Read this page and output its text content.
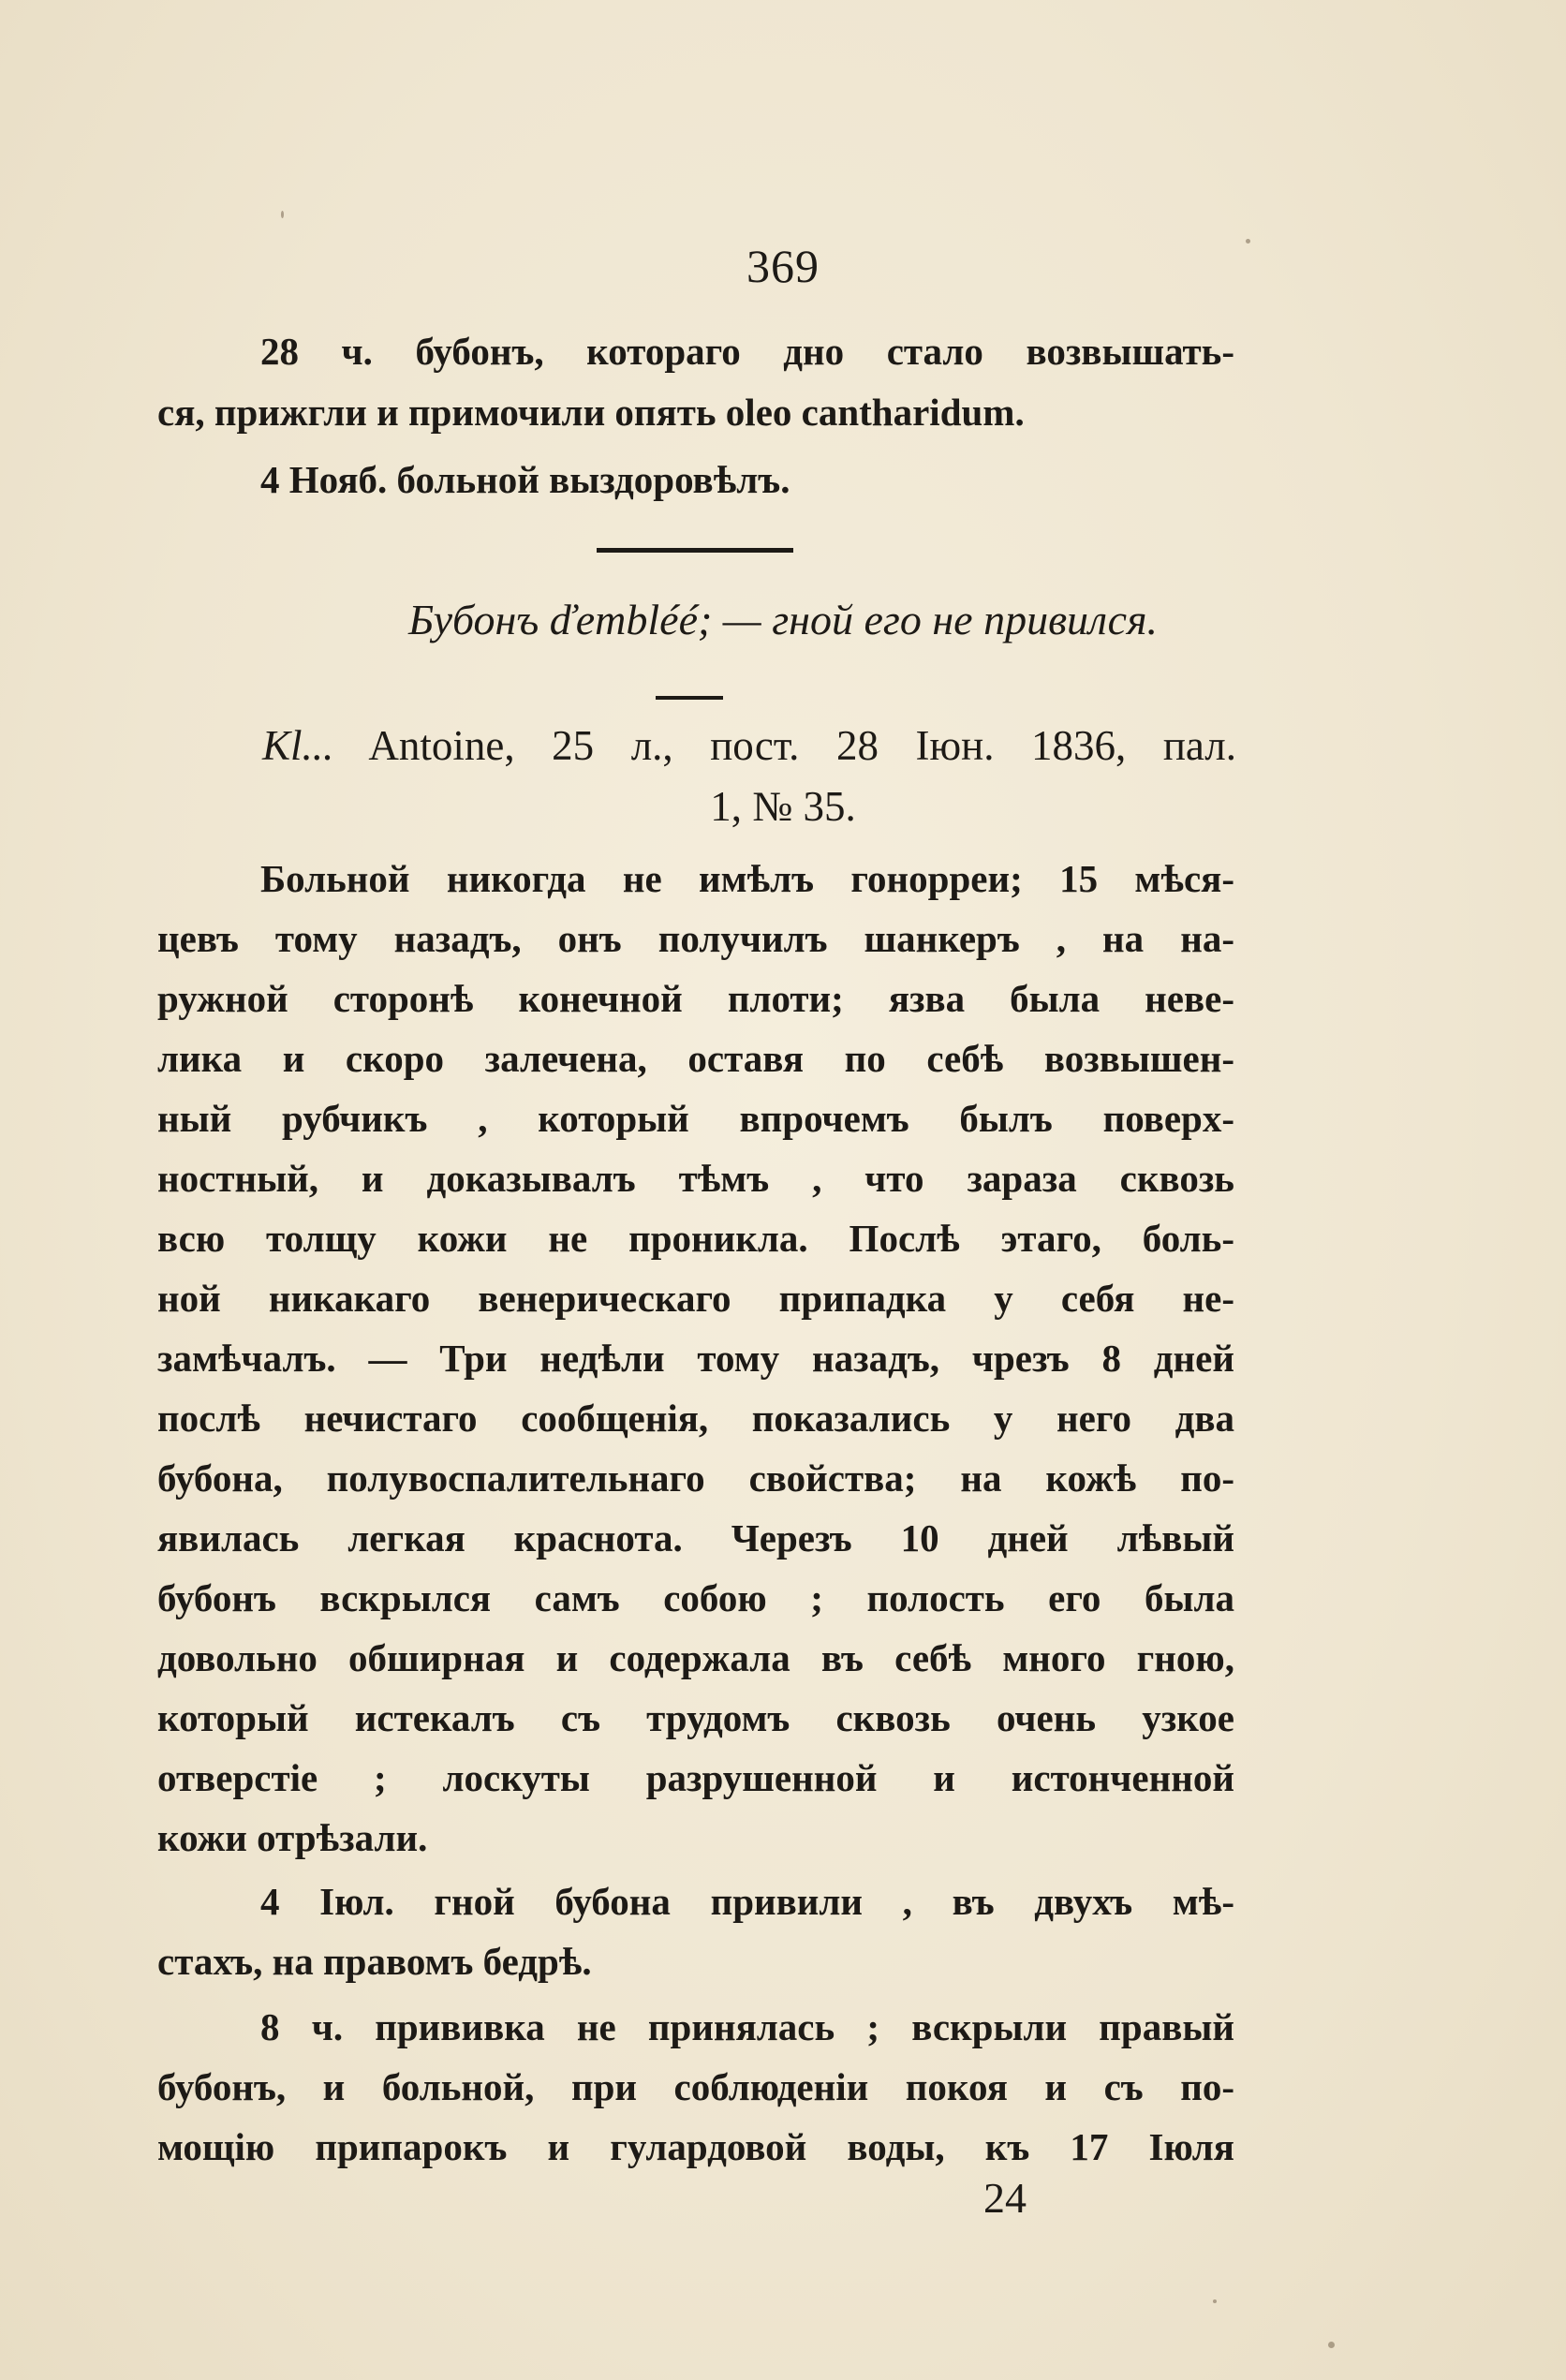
369
28 ч. бубонъ, котораго дно стало возвышать-
ся, прижгли и примочили опять oleo cantharidum.
4 Нояб. больной выздоровѣлъ.
Бубонъ ďembléé; — гной его не привился.
Kl... Antoine, 25 л., пост. 28 Іюн. 1836, пал.
1, № 35.
Больной никогда не имѣлъ гонорреи; 15 мѣся-
цевъ тому назадъ, онъ получилъ шанкеръ , на на-
ружной сторонѣ конечной плоти; язва была неве-
лика и скоро залечена, оставя по себѣ возвышен-
ный рубчикъ , который впрочемъ былъ поверх-
ностный, и доказывалъ тѣмъ , что зараза сквозь
всю толщу кожи не проникла. Послѣ этаго, боль-
ной никакаго венерическаго припадка у себя не-
замѣчалъ. — Три недѣли тому назадъ, чрезъ 8 дней
послѣ нечистаго сообщенія, показались у него два
бубона, полувоспалительнаго свойства; на кожѣ по-
явилась легкая краснота. Черезъ 10 дней лѣвый
бубонъ вскрылся самъ собою ; полость его была
довольно обширная и содержала въ себѣ много гною,
который истекалъ съ трудомъ сквозь очень узкое
отверстіе ; лоскуты разрушенной и истонченной
кожи отрѣзали.
4 Іюл. гной бубона привили , въ двухъ мѣ-
стахъ, на правомъ бедрѣ.
8 ч. прививка не принялась ; вскрыли правый
бубонъ, и больной, при соблюденіи покоя и съ по-
мощію припарокъ и гулардовой воды, къ 17 Іюля
24
